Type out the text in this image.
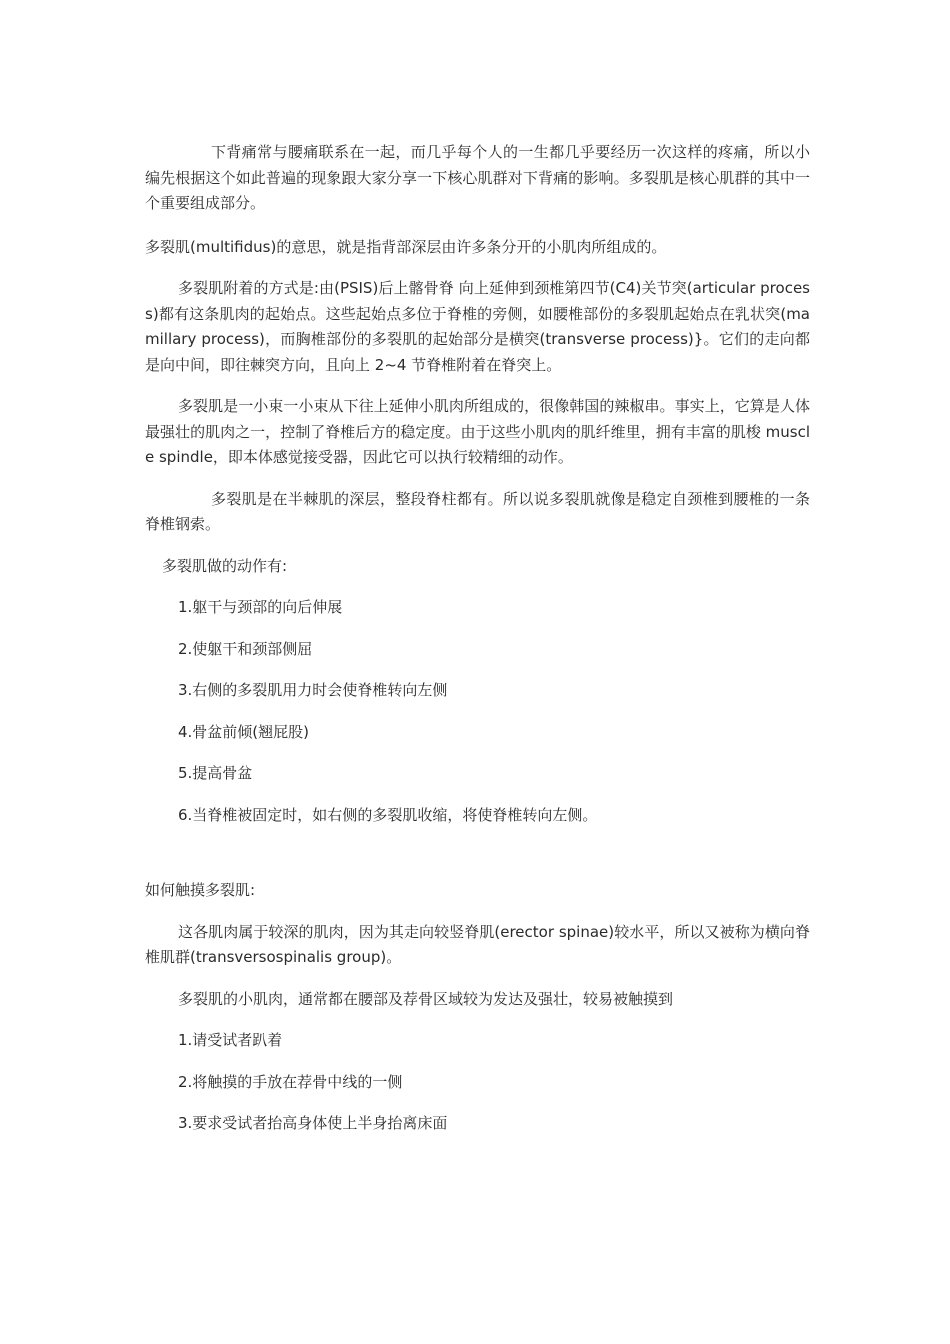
下背痛常与腰痛联系在一起，而几乎每个人的一生都几乎要经历一次这样的疼痛，所以小编先根据这个如此普遍的现象跟大家分享一下核心肌群对下背痛的影响。多裂肌是核心肌群的其中一个重要组成部分。

多裂肌(multifidus)的意思，就是指背部深层由许多条分开的小肌肉所组成的。

多裂肌附着的方式是:由(PSIS)后上髂骨脊 向上延伸到颈椎第四节(C4)关节突(articular process)都有这条肌肉的起始点。这些起始点多位于脊椎的旁侧，如腰椎部份的多裂肌起始点在乳状突(mamillary process)，而胸椎部份的多裂肌的起始部分是横突(transverse process)}。它们的走向都是向中间，即往棘突方向，且向上 2~4 节脊椎附着在脊突上。

多裂肌是一小束一小束从下往上延伸小肌肉所组成的，很像韩国的辣椒串。事实上，它算是人体最强壮的肌肉之一，控制了脊椎后方的稳定度。由于这些小肌肉的肌纤维里，拥有丰富的肌梭 muscle spindle，即本体感觉接受器，因此它可以执行较精细的动作。

多裂肌是在半棘肌的深层，整段脊柱都有。所以说多裂肌就像是稳定自颈椎到腰椎的一条脊椎钢索。

多裂肌做的动作有:

1.躯干与颈部的向后伸展

2.使躯干和颈部侧屈

3.右侧的多裂肌用力时会使脊椎转向左侧

4.骨盆前倾(翘屁股)

5.提高骨盆

6.当脊椎被固定时，如右侧的多裂肌收缩，将使脊椎转向左侧。

如何触摸多裂肌:

这各肌肉属于较深的肌肉，因为其走向较竖脊肌(erector spinae)较水平，所以又被称为横向脊椎肌群(transversospinalis group)。

多裂肌的小肌肉，通常都在腰部及荐骨区域较为发达及强壮，较易被触摸到

1.请受试者趴着

2.将触摸的手放在荐骨中线的一侧

3.要求受试者抬高身体使上半身抬离床面
